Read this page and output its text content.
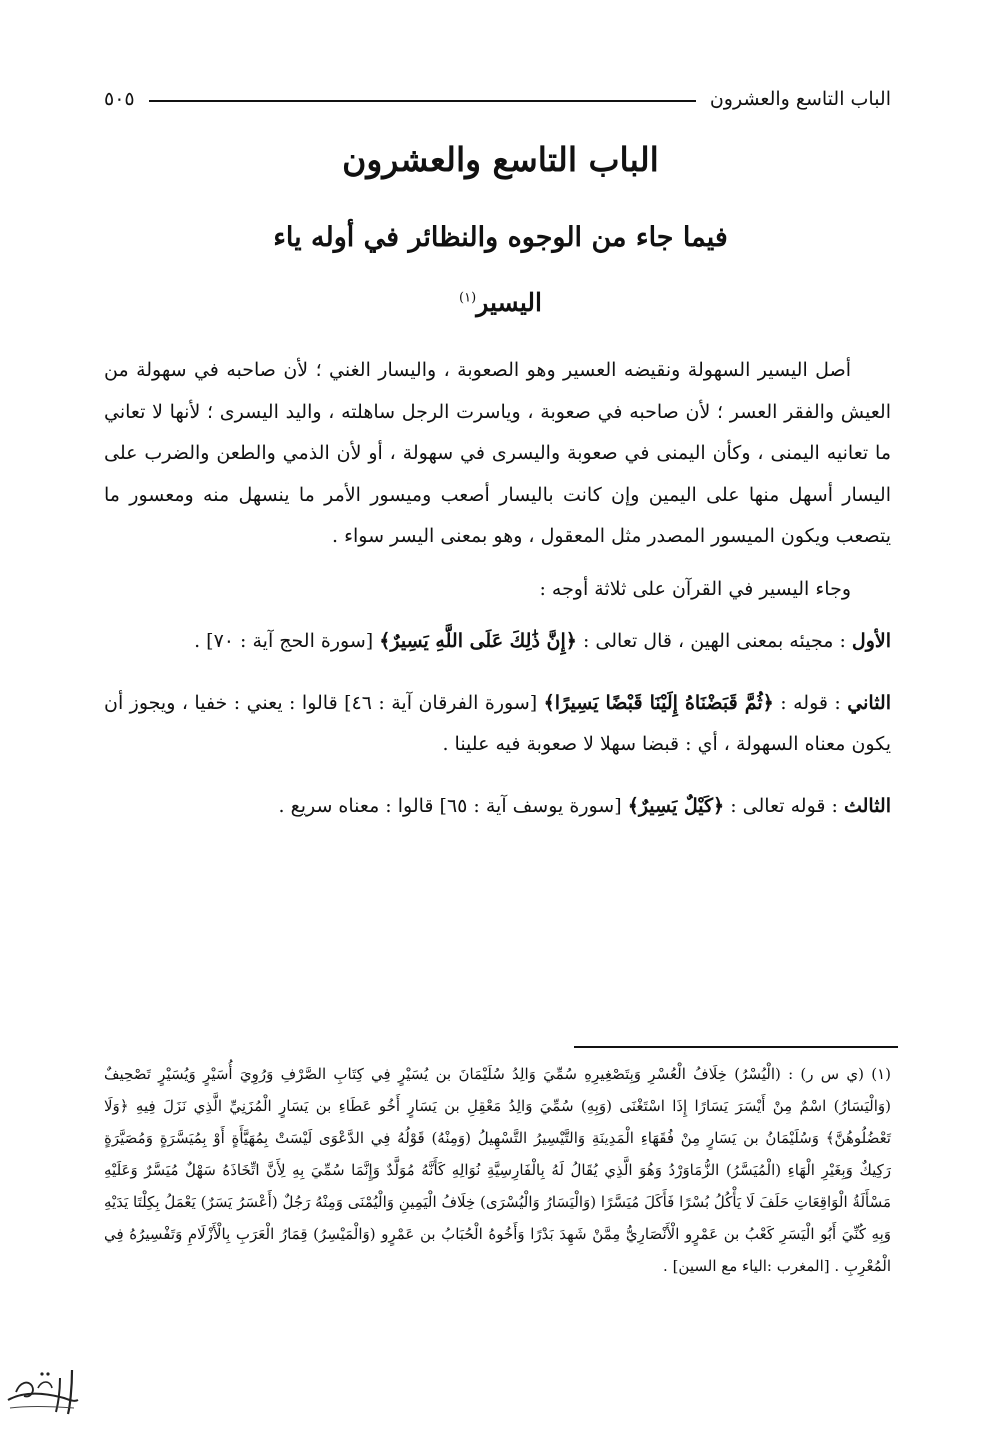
الباب التاسع والعشرون
٥٠٥
الباب التاسع والعشرون
فيما جاء من الوجوه والنظائر في أوله ياء
اليسير$^{(١)}$

أصل اليسير السهولة ونقيضه العسير وهو الصعوبة ، واليسار الغني ؛ لأن صاحبه في سهولة من العيش والفقر العسر ؛ لأن صاحبه في صعوبة ، وياسرت الرجل ساهلته ، واليد اليسرى ؛ لأنها لا تعاني ما تعانيه اليمنى ، وكأن اليمنى في صعوبة واليسرى في سهولة ، أو لأن الذمي والطعن والضرب على اليسار أسهل منها على اليمين وإن كانت باليسار أصعب وميسور الأمر ما ينسهل منه ومعسور ما يتصعب ويكون الميسور المصدر مثل المعقول ، وهو بمعنى اليسر سواء .

وجاء اليسير في القرآن على ثلاثة أوجه :

الأول : مجيئه بمعنى الهين ، قال تعالى : ﴿إِنَّ ذَٰلِكَ عَلَى اللَّهِ يَسِيرٌ﴾ [سورة الحج آية : ٧٠] .

الثاني : قوله : ﴿ثُمَّ قَبَضْنَاهُ إِلَيْنَا قَبْضًا يَسِيرًا﴾ [سورة الفرقان آية : ٤٦] قالوا : يعني : خفيا ، ويجوز أن يكون معناه السهولة ، أي : قبضا سهلا لا صعوبة فيه علينا .

الثالث : قوله تعالى : ﴿كَيْلٌ يَسِيرٌ﴾ [سورة يوسف آية : ٦٥] قالوا : معناه سريع .

(١) (ي س ر) : (الْيُسْرُ) خِلَافُ الْعُسْرِ وَبِتَصْغِيرِهِ سُمِّيَ وَالِدُ سُلَيْمَانَ بن يُسَيْرٍ فِي كِتَابِ الصَّرْفِ وَرُوِيَ أُسَيْرٍ وَيُسَيْرٍ تَصْحِيفٌ (وَالْيَسَارُ) اسْمٌ مِنْ أَيْسَرَ يَسَارًا إِذَا اسْتَغْنَى (وَبِهِ) سُمِّيَ وَالِدُ مَعْقِلِ بن يَسَارٍ أَخُو عَطَاءِ بن يَسَارٍ الْمُزَنِيِّ الَّذِي نَزَلَ فِيهِ ﴿وَلَا تَعْضُلُوهُنَّ﴾ وَسُلَيْمَانُ بن يَسَارٍ مِنْ فُقَهَاءِ الْمَدِينَةِ وَالتَّيْسِيرُ التَّسْهِيلُ (وَمِنْهُ) قَوْلُهُ فِي الدَّعْوَى لَيْسَتْ بِمُهَيَّأَةٍ أَوْ بِمُيَسَّرَةٍ وَمُصَيَّرَةٍ رَكِيكٌ وَبِغَيْرِ الْهَاءِ (الْمُيَسَّرُ) الزُّمَاوَرْدُ وَهُوَ الَّذِي يُقَالُ لَهُ بِالْفَارِسِيَّةِ نُوَالِهِ كَأَنَّهُ مُوَلَّدٌ وَإِنَّمَا سُمِّيَ بِهِ لِأَنَّ اتِّخَاذَهُ سَهْلٌ مُيَسَّرٌ وَعَلَيْهِ مَسْأَلَةُ الْوَاقِعَاتِ حَلَفَ لَا يَأْكُلُ بُسْرًا فَأَكَلَ مُيَسَّرًا (وَالْيَسَارُ وَالْيُسْرَى) خِلَافُ الْيَمِينِ وَالْيُمْنَى وَمِنْهُ رَجُلٌ (أَعْسَرُ يَسَرٌ) يَعْمَلُ بِكِلْتَا يَدَيْهِ وَبِهِ كُنِّيَ أَبُو الْيَسَرِ كَعْبُ بن عَمْرٍو الْأَنْصَارِيُّ مِمَّنْ شَهِدَ بَدْرًا وَأَخُوهُ الْحُبَابُ بن عَمْرٍو (وَالْمَيْسِرُ) قِمَارُ الْعَرَبِ بِالْأَزْلَامِ وَتَفْسِيرُهُ فِي الْمُعْرِبِ . [المغرب :الياء مع السين] .
